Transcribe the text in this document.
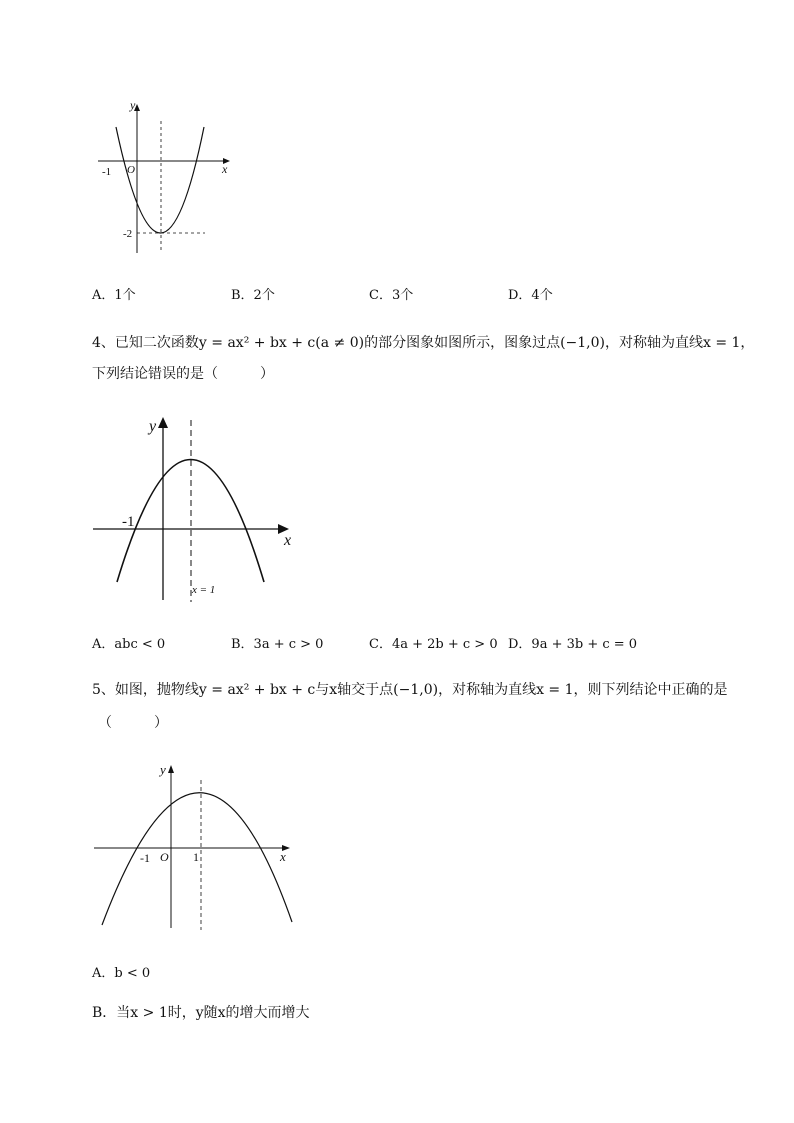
y
x
O
-1
-2
A．1个	B．2个	C．3个	D．4个
4、已知二次函数y = ax² + bx + c(a ≠ 0)的部分图象如图所示，图象过点(−1,0)，对称轴为直线x = 1，
下列结论错误的是（　　　）
y
x
-1
x = 1
A．abc < 0	B．3a + c > 0	C．4a + 2b + c > 0 D．9a + 3b + c = 0
5、如图，抛物线y = ax² + bx + c与x轴交于点(−1,0)，对称轴为直线x = 1，则下列结论中正确的是
（　　　）
y
x
O
-1	1
A．b < 0
B．当x > 1时，y随x的增大而增大
